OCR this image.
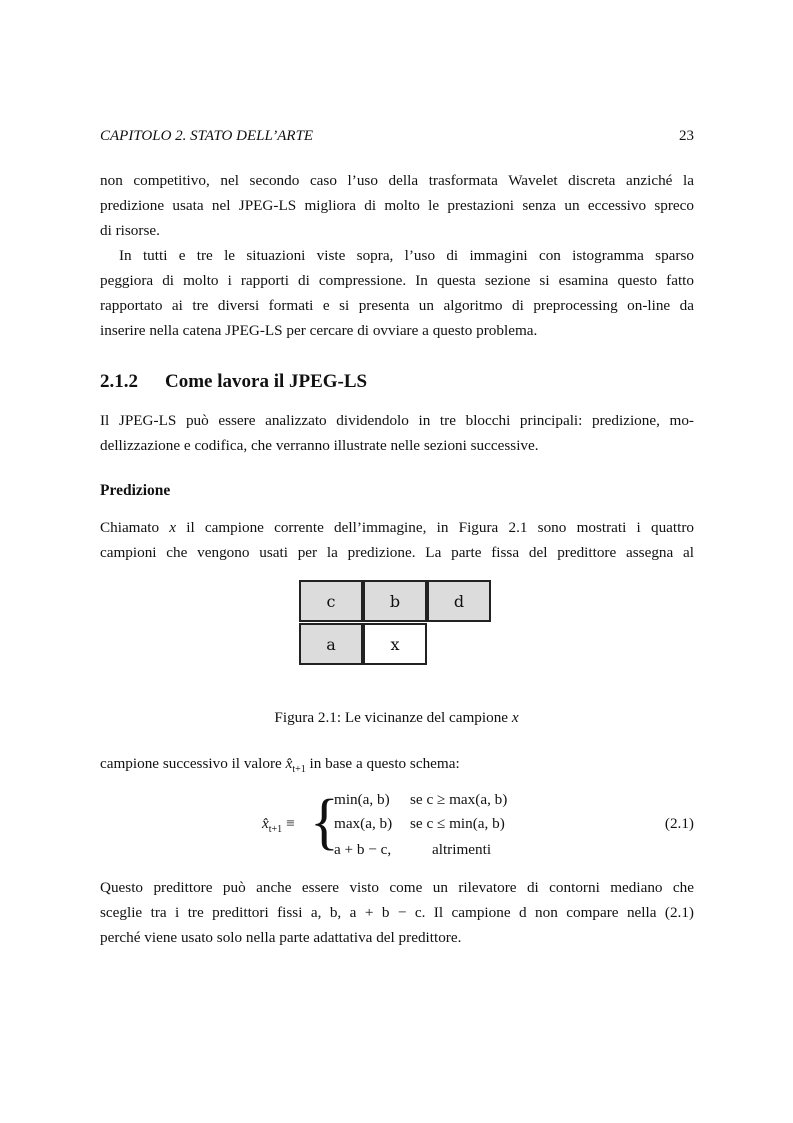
CAPITOLO 2. STATO DELL’ARTE	23
non competitivo, nel secondo caso l’uso della trasformata Wavelet discreta anziché la
predizione usata nel JPEG-LS migliora di molto le prestazioni senza un eccessivo spreco
di risorse.
In tutti e tre le situazioni viste sopra, l’uso di immagini con istogramma sparso
peggiora di molto i rapporti di compressione. In questa sezione si esamina questo fatto
rapportato ai tre diversi formati e si presenta un algoritmo di preprocessing on-line da
inserire nella catena JPEG-LS per cercare di ovviare a questo problema.
2.1.2 Come lavora il JPEG-LS
Il JPEG-LS può essere analizzato dividendolo in tre blocchi principali: predizione, mo-
dellizzazione e codifica, che verranno illustrate nelle sezioni successive.
Predizione
Chiamato x il campione corrente dell’immagine, in Figura 2.1 sono mostrati i quattro
campioni che vengono usati per la predizione. La parte fissa del predittore assegna al
c	b	d
a	x
Figura 2.1: Le vicinanze del campione x
campione successivo il valore $x̂_{t+1}$ in base a questo schema:
$x̂_{t+1}$ ≡ {
min(a, b) se c ≥ max(a, b)
max(a, b) se c ≤ min(a, b)
a + b − c,	altrimenti
(2.1)
Questo predittore può anche essere visto come un rilevatore di contorni mediano che
sceglie tra i tre predittori fissi a, b, a + b − c. Il campione d non compare nella (2.1)
perché viene usato solo nella parte adattativa del predittore.
